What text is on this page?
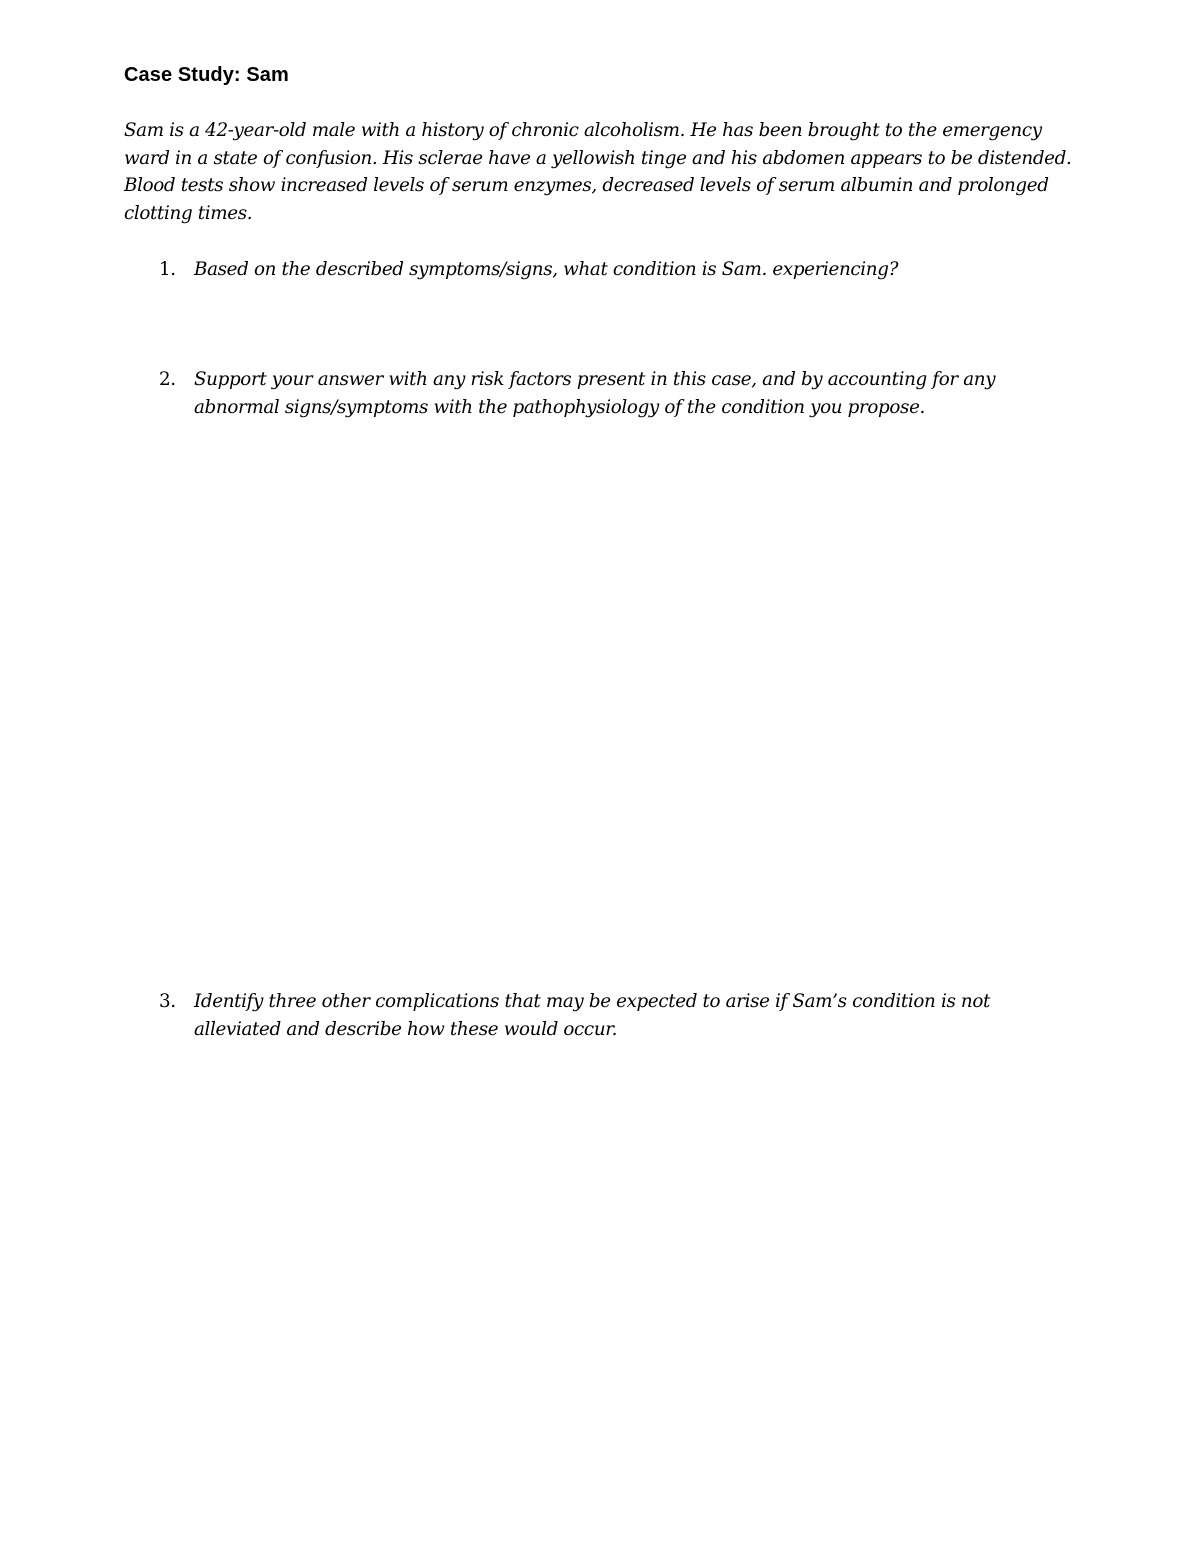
Case Study: Sam

Sam is a 42-year-old male with a history of chronic alcoholism. He has been brought to the emergency ward in a state of confusion. His sclerae have a yellowish tinge and his abdomen appears to be distended. Blood tests show increased levels of serum enzymes, decreased levels of serum albumin and prolonged clotting times.

1. Based on the described symptoms/signs, what condition is Sam. experiencing?
2. Support your answer with any risk factors present in this case, and by accounting for any abnormal signs/symptoms with the pathophysiology of the condition you propose.
3. Identify three other complications that may be expected to arise if Sam’s condition is not alleviated and describe how these would occur.
